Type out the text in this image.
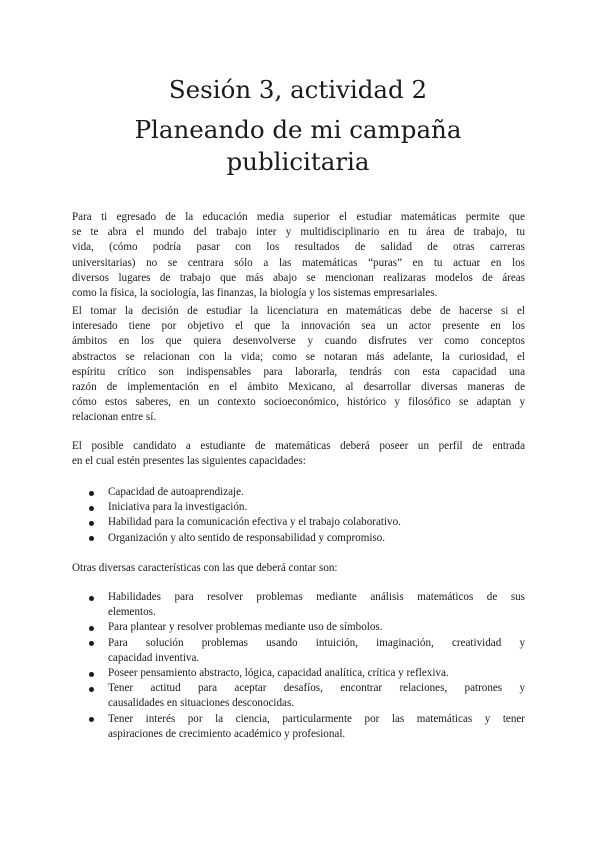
Sesión 3, actividad 2
Planeando de mi campaña
publicitaria

Para ti egresado de la educación media superior el estudiar matemáticas permite que
se te abra el mundo del trabajo inter y multidisciplinario en tu área de trabajo, tu
vida, (cómo podría pasar con los resultados de salidad de otras carreras
universitarias) no se centrara sólo a las matemáticas “puras” en tu actuar en los
diversos lugares de trabajo que más abajo se mencionan realizaras modelos de áreas
como la física, la sociología, las finanzas, la biología y los sistemas empresariales.

El tomar la decisión de estudiar la licenciatura en matemáticas debe de hacerse si el
interesado tiene por objetivo el que la innovación sea un actor presente en los
ámbitos en los que quiera desenvolverse y cuando disfrutes ver como conceptos
abstractos se relacionan con la vida; como se notaran más adelante, la curiosidad, el
espíritu crítico son indispensables para laborarla, tendrás con esta capacidad una
razón de implementación en el ámbito Mexicano, al desarrollar diversas maneras de
cómo estos saberes, en un contexto socioeconómico, histórico y filosófico se adaptan y
relacionan entre sí.

El posible candidato a estudiante de matemáticas deberá poseer un perfil de entrada
en el cual estén presentes las siguientes capacidades:

Capacidad de autoaprendizaje.
Iniciativa para la investigación.
Habilidad para la comunicación efectiva y el trabajo colaborativo.
Organización y alto sentido de responsabilidad y compromiso.

Otras diversas características con las que deberá contar son:

Habilidades para resolver problemas mediante análisis matemáticos de sus
elementos.
Para plantear y resolver problemas mediante uso de símbolos.
Para solución problemas usando intuición, imaginación, creatividad y
capacidad inventiva.
Poseer pensamiento abstracto, lógica, capacidad analítica, crítica y reflexiva.
Tener actitud para aceptar desafíos, encontrar relaciones, patrones y
causalidades en situaciones desconocidas.
Tener interés por la ciencia, particularmente por las matemáticas y tener
aspiraciones de crecimiento académico y profesional.
